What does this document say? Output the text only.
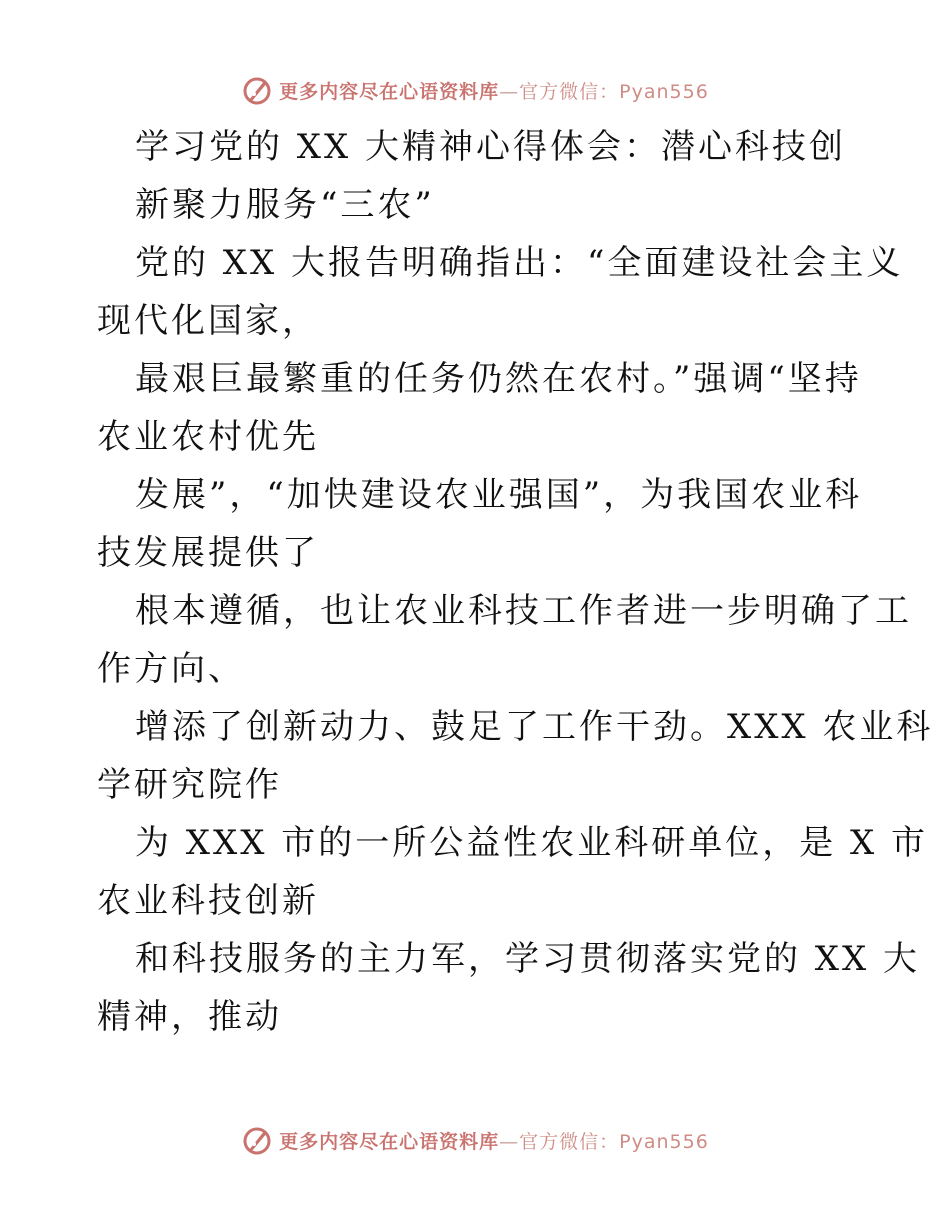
更多内容尽在心语资料库—官方微信：Pyan556
学习党的 XX 大精神心得体会：潜心科技创
新聚力服务“三农”
党的 XX 大报告明确指出：“全面建设社会主义
现代化国家，
最艰巨最繁重的任务仍然在农村。”强调“坚持
农业农村优先
发展”，“加快建设农业强国”，为我国农业科
技发展提供了
根本遵循，也让农业科技工作者进一步明确了工
作方向、
增添了创新动力、鼓足了工作干劲。XXX 农业科
学研究院作
为 XXX 市的一所公益性农业科研单位，是 X 市
农业科技创新
和科技服务的主力军，学习贯彻落实党的 XX 大
精神，推动
更多内容尽在心语资料库—官方微信：Pyan556
